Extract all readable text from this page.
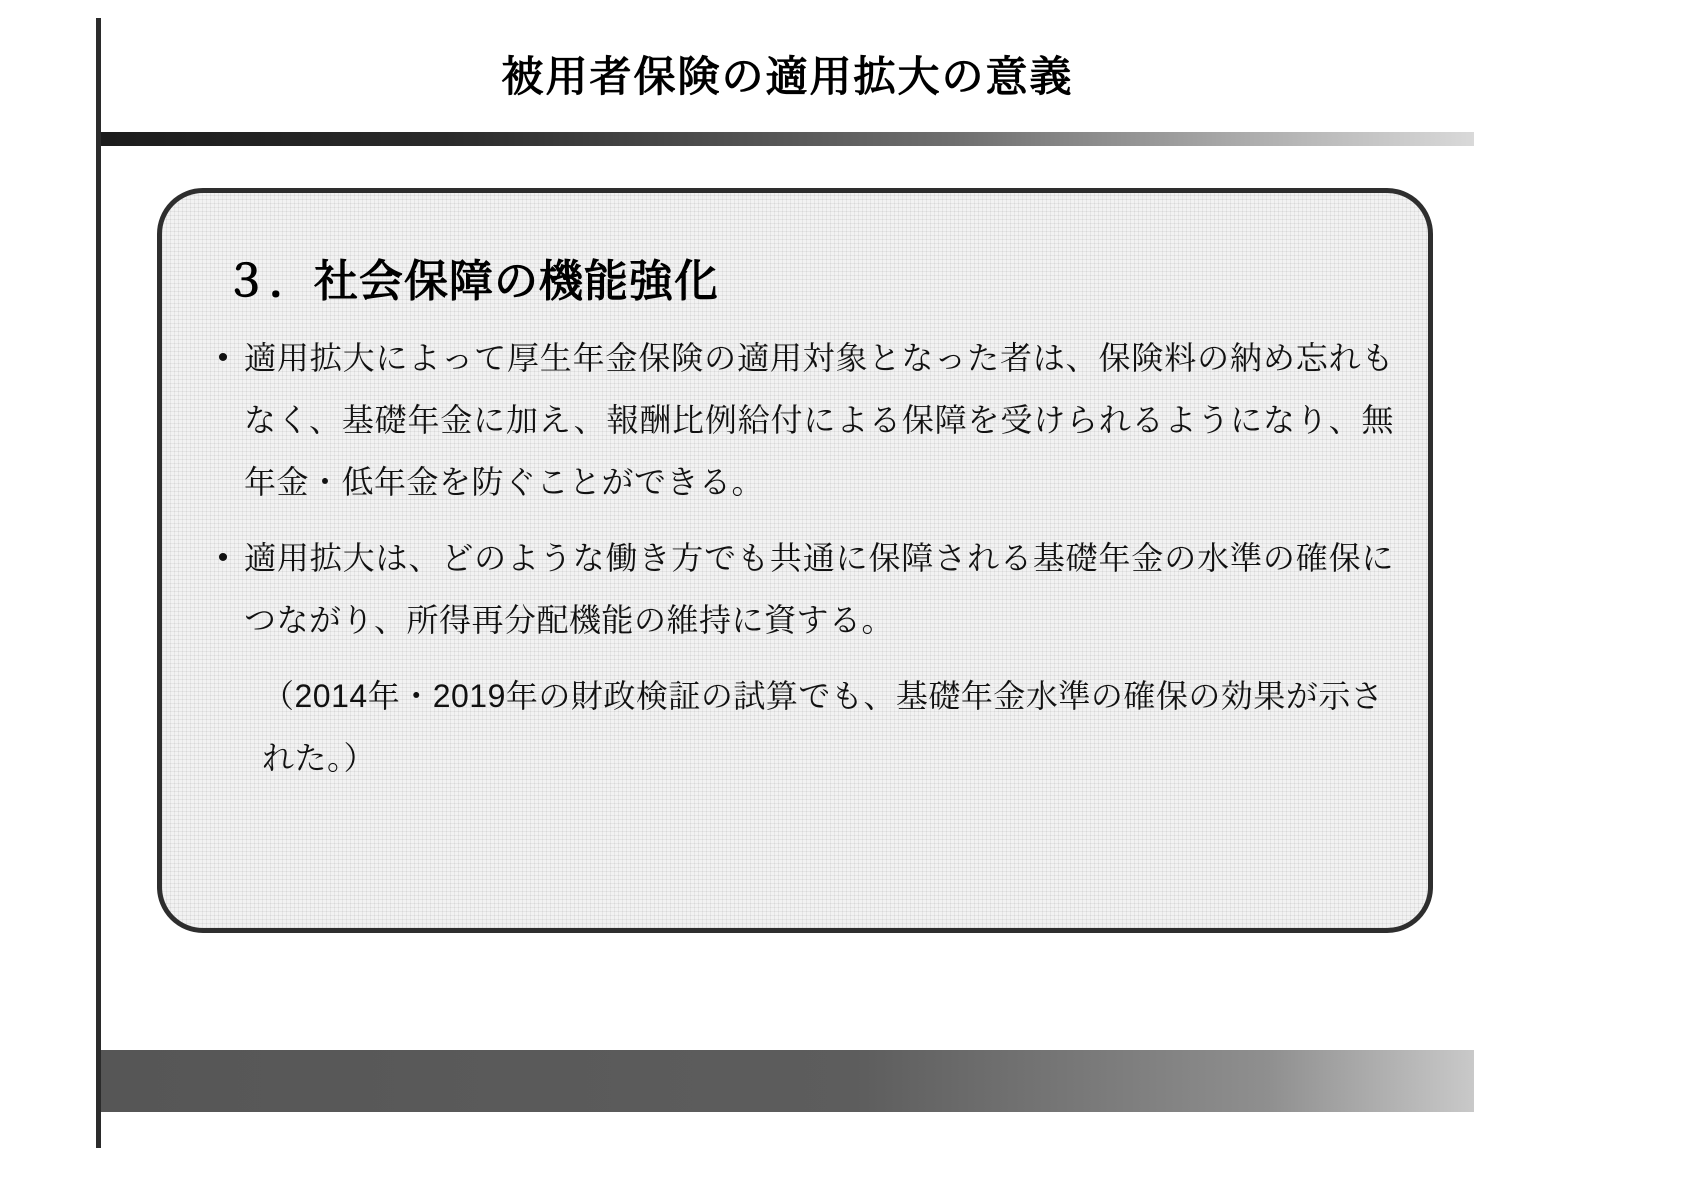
被用者保険の適用拡大の意義
３．社会保障の機能強化
• 適用拡大によって厚生年金保険の適用対象となった者は、保険料の納め忘れもなく、基礎年金に加え、報酬比例給付による保障を受けられるようになり、無年金・低年金を防ぐことができる。
• 適用拡大は、どのような働き方でも共通に保障される基礎年金の水準の確保につながり、所得再分配機能の維持に資する。

（2014年・2019年の財政検証の試算でも、基礎年金水準の確保の効果が示された。）
